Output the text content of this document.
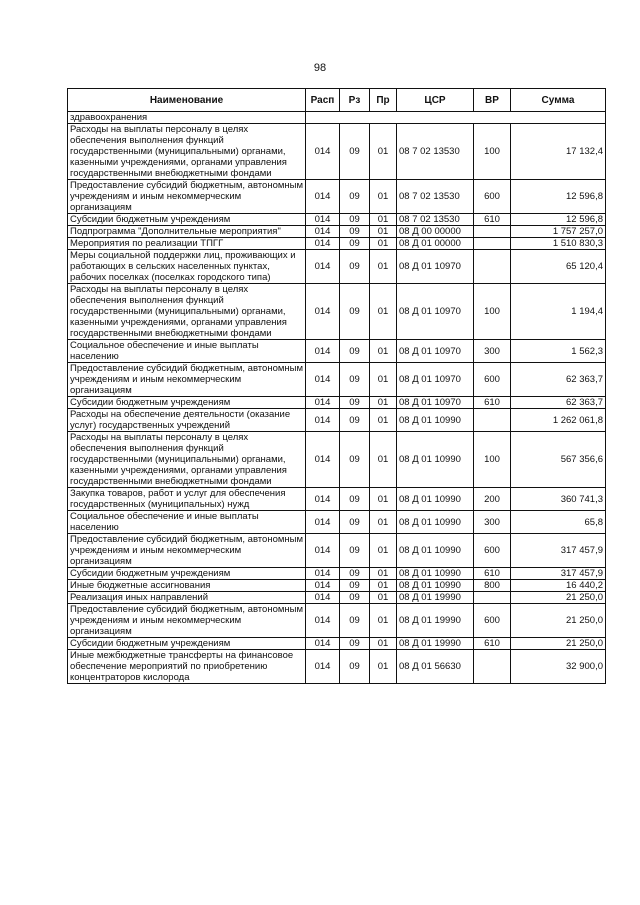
98
Наименование	Расп	Рз	Пр	ЦСР	ВР	Сумма
здравоохранения						
Расходы на выплаты персоналу в целях обеспечения выполнения функций государственными (муниципальными) органами, казенными учреждениями, органами управления государственными внебюджетными фондами	014	09	01	08 7 02 13530	100	17 132,4
Предоставление субсидий бюджетным, автономным учреждениям и иным некоммерческим организациям	014	09	01	08 7 02 13530	600	12 596,8
Субсидии бюджетным учреждениям	014	09	01	08 7 02 13530	610	12 596,8
Подпрограмма "Дополнительные мероприятия"	014	09	01	08 Д 00 00000		1 757 257,0
Мероприятия по реализации ТПГГ	014	09	01	08 Д 01 00000		1 510 830,3
Меры социальной поддержки лиц, проживающих и работающих в сельских населенных пунктах, рабочих поселках (поселках городского типа)	014	09	01	08 Д 01 10970		65 120,4
Расходы на выплаты персоналу в целях обеспечения выполнения функций государственными (муниципальными) органами, казенными учреждениями, органами управления государственными внебюджетными фондами	014	09	01	08 Д 01 10970	100	1 194,4
Социальное обеспечение и иные выплаты населению	014	09	01	08 Д 01 10970	300	1 562,3
Предоставление субсидий бюджетным, автономным учреждениям и иным некоммерческим организациям	014	09	01	08 Д 01 10970	600	62 363,7
Субсидии бюджетным учреждениям	014	09	01	08 Д 01 10970	610	62 363,7
Расходы на обеспечение деятельности (оказание услуг) государственных учреждений	014	09	01	08 Д 01 10990		1 262 061,8
Расходы на выплаты персоналу в целях обеспечения выполнения функций государственными (муниципальными) органами, казенными учреждениями, органами управления государственными внебюджетными фондами	014	09	01	08 Д 01 10990	100	567 356,6
Закупка товаров, работ и услуг для обеспечения государственных (муниципальных) нужд	014	09	01	08 Д 01 10990	200	360 741,3
Социальное обеспечение и иные выплаты населению	014	09	01	08 Д 01 10990	300	65,8
Предоставление субсидий бюджетным, автономным учреждениям и иным некоммерческим организациям	014	09	01	08 Д 01 10990	600	317 457,9
Субсидии бюджетным учреждениям	014	09	01	08 Д 01 10990	610	317 457,9
Иные бюджетные ассигнования	014	09	01	08 Д 01 10990	800	16 440,2
Реализация иных направлений	014	09	01	08 Д 01 19990		21 250,0
Предоставление субсидий бюджетным, автономным учреждениям и иным некоммерческим организациям	014	09	01	08 Д 01 19990	600	21 250,0
Субсидии бюджетным учреждениям	014	09	01	08 Д 01 19990	610	21 250,0
Иные межбюджетные трансферты на финансовое обеспечение мероприятий по приобретению концентраторов кислорода	014	09	01	08 Д 01 56630		32 900,0
